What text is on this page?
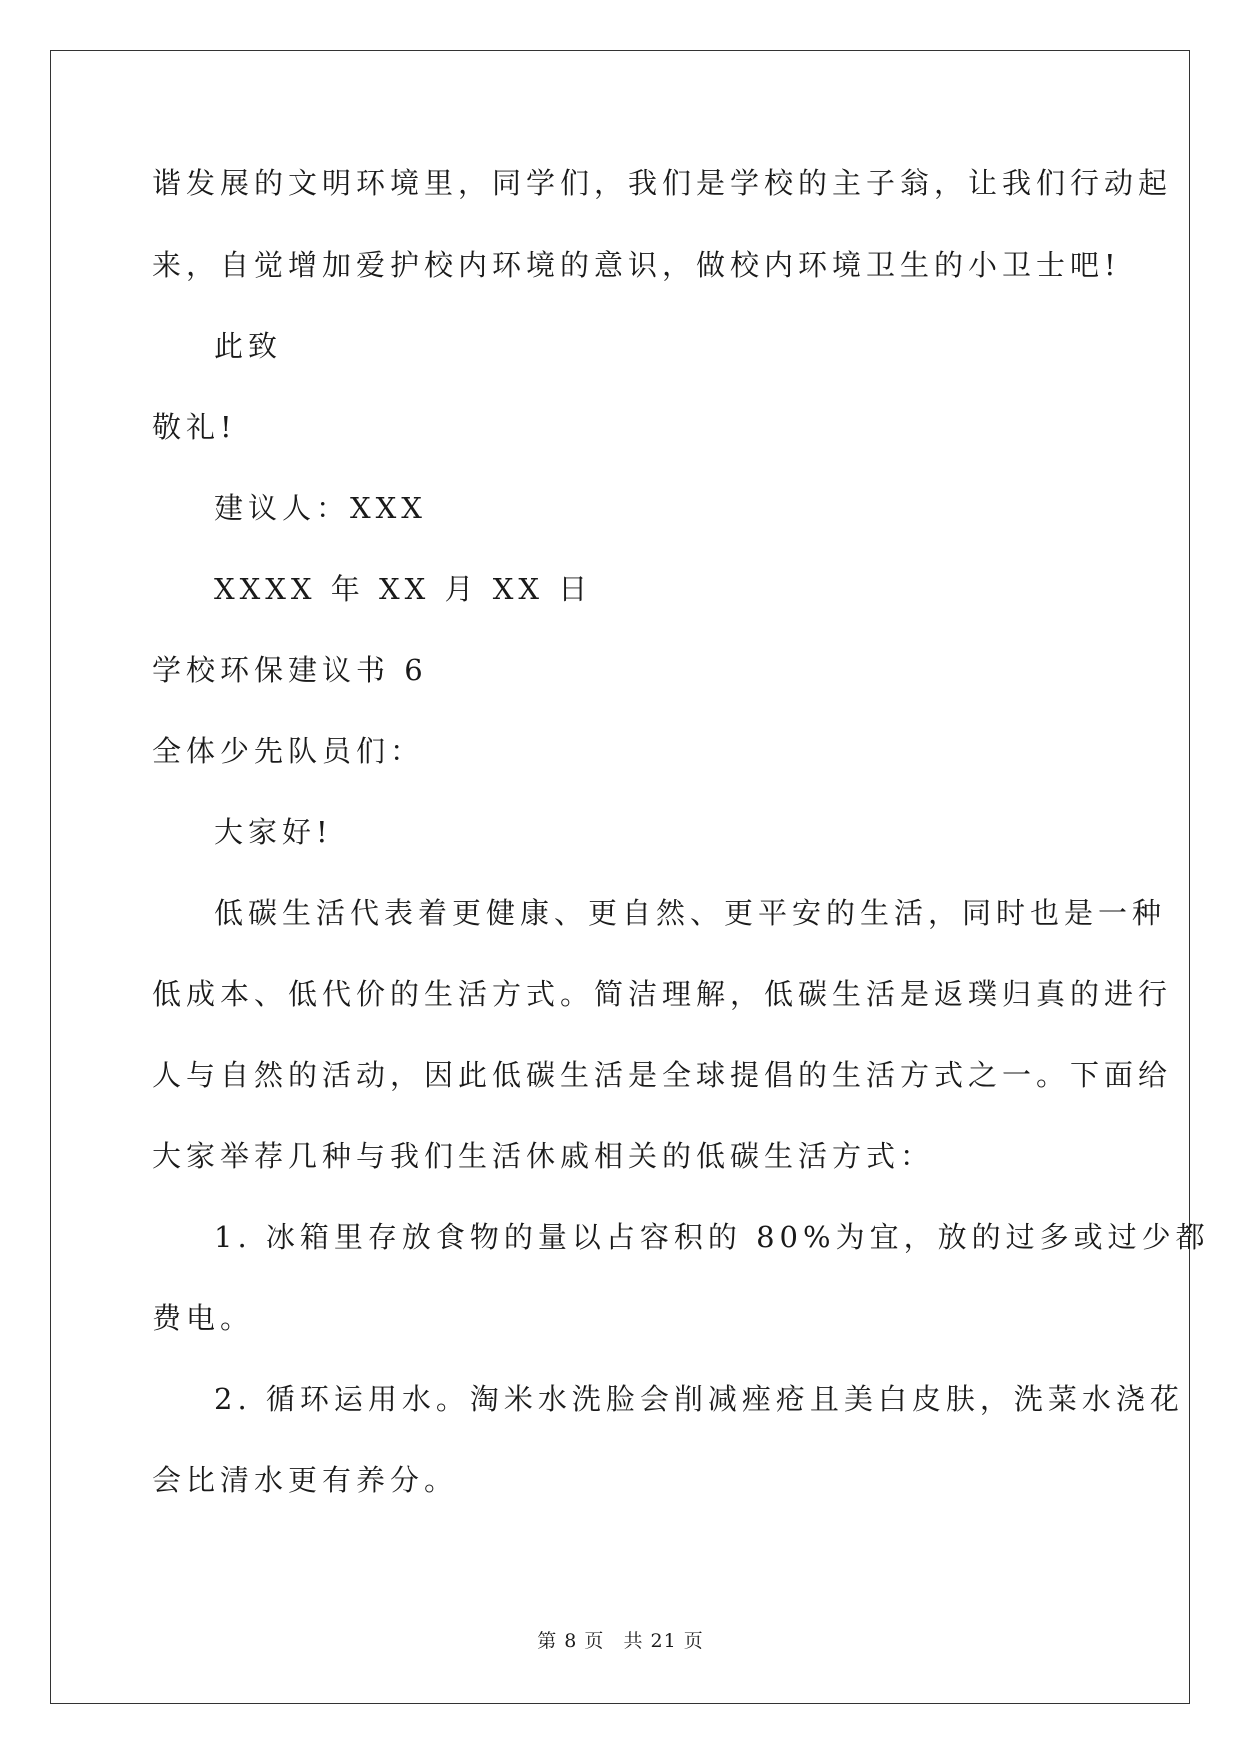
谐发展的文明环境里，同学们，我们是学校的主子翁，让我们行动起
来，自觉增加爱护校内环境的意识，做校内环境卫生的小卫士吧!
此致
敬礼!
建议人：XXX
XXXX 年 XX 月 XX 日
学校环保建议书 6
全体少先队员们：
大家好!
低碳生活代表着更健康、更自然、更平安的生活，同时也是一种
低成本、低代价的生活方式。简洁理解，低碳生活是返璞归真的进行
人与自然的活动，因此低碳生活是全球提倡的生活方式之一。下面给
大家举荐几种与我们生活休戚相关的低碳生活方式：
1. 冰箱里存放食物的量以占容积的 80%为宜，放的过多或过少都
费电。
2. 循环运用水。淘米水洗脸会削减痤疮且美白皮肤，洗菜水浇花
会比清水更有养分。
第 8 页 共 21 页
